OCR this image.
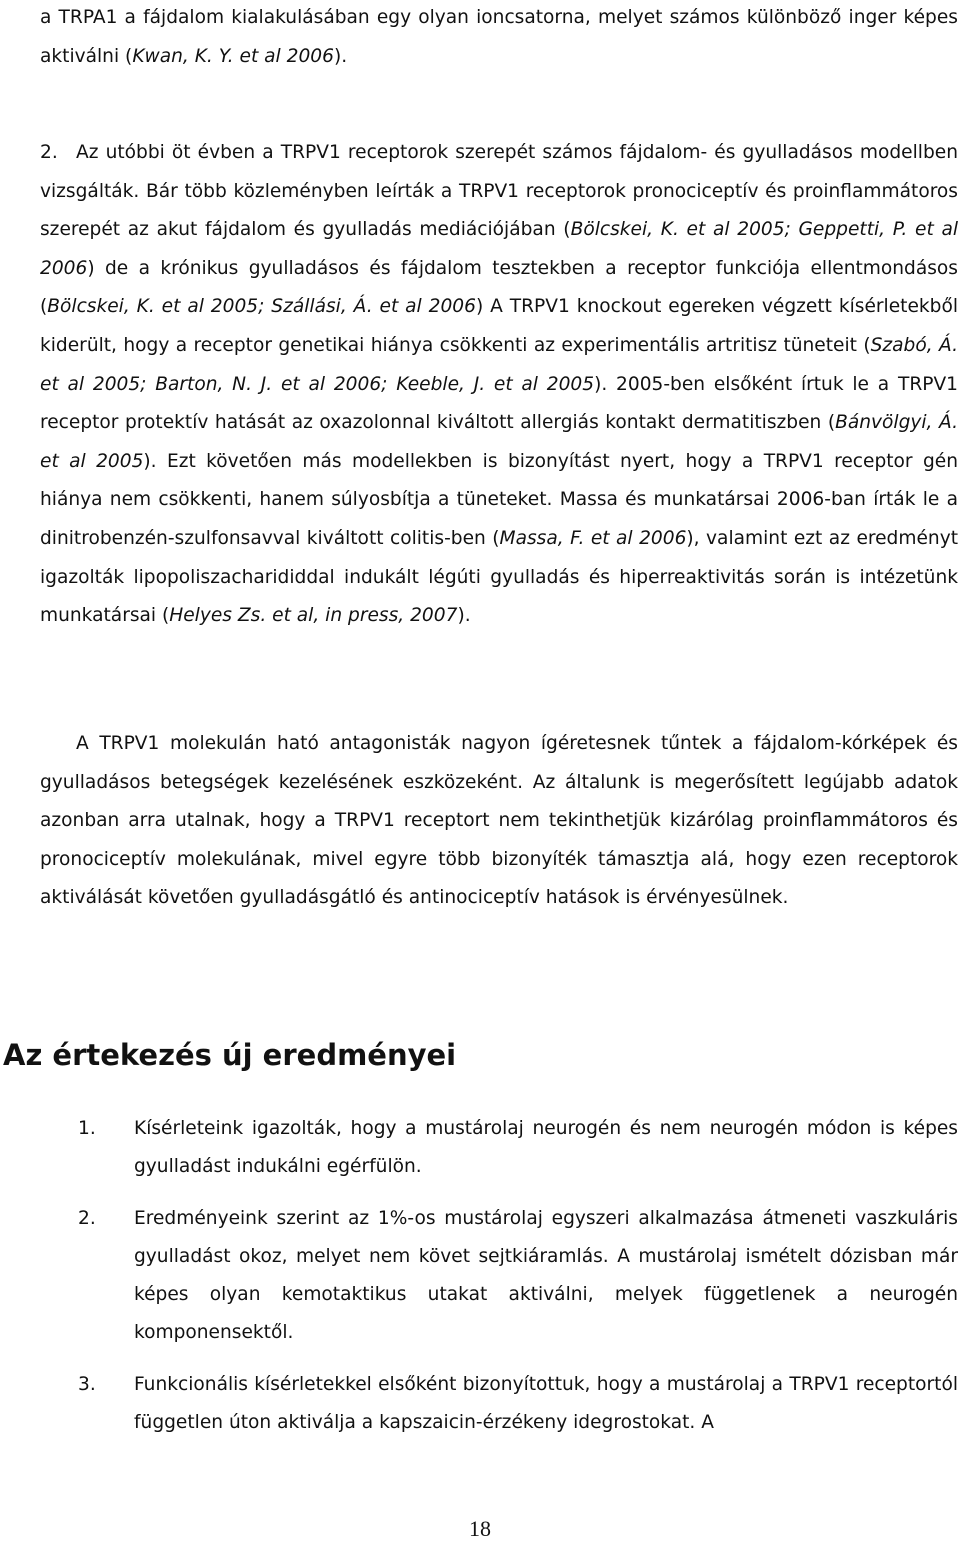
a TRPA1 a fájdalom kialakulásában egy olyan ioncsatorna, melyet számos különböző inger képes aktiválni (Kwan, K. Y. et al 2006).

2. Az utóbbi öt évben a TRPV1 receptorok szerepét számos fájdalom- és gyulladásos modellben vizsgálták. Bár több közleményben leírták a TRPV1 receptorok pronociceptív és proinflammátoros szerepét az akut fájdalom és gyulladás mediációjában (Bölcskei, K. et al 2005; Geppetti, P. et al 2006) de a krónikus gyulladásos és fájdalom tesztekben a receptor funkciója ellentmondásos (Bölcskei, K. et al 2005; Szállási, Á. et al 2006) A TRPV1 knockout egereken végzett kísérletekből kiderült, hogy a receptor genetikai hiánya csökkenti az experimentális artritisz tüneteit (Szabó, Á. et al 2005; Barton, N. J. et al 2006; Keeble, J. et al 2005). 2005-ben elsőként írtuk le a TRPV1 receptor protektív hatását az oxazolonnal kiváltott allergiás kontakt dermatitiszben (Bánvölgyi, Á. et al 2005). Ezt követően más modellekben is bizonyítást nyert, hogy a TRPV1 receptor gén hiánya nem csökkenti, hanem súlyosbítja a tüneteket. Massa és munkatársai 2006-ban írták le a dinitrobenzén-szulfonsavval kiváltott colitis-ben (Massa, F. et al 2006), valamint ezt az eredményt igazolták lipopoliszacharididdal indukált légúti gyulladás és hiperreaktivitás során is intézetünk munkatársai (Helyes Zs. et al, in press, 2007).

A TRPV1 molekulán ható antagonisták nagyon ígéretesnek tűntek a fájdalom-kórképek és gyulladásos betegségek kezelésének eszközeként. Az általunk is megerősített legújabb adatok azonban arra utalnak, hogy a TRPV1 receptort nem tekinthetjük kizárólag proinflammátoros és pronociceptív molekulának, mivel egyre több bizonyíték támasztja alá, hogy ezen receptorok aktiválását követően gyulladásgátló és antinociceptív hatások is érvényesülnek.

Az értekezés új eredményei
1. Kísérleteink igazolták, hogy a mustárolaj neurogén és nem neurogén módon is képes gyulladást indukálni egérfülön.
2. Eredményeink szerint az 1%-os mustárolaj egyszeri alkalmazása átmeneti vaszkuláris gyulladást okoz, melyet nem követ sejtkiáramlás. A mustárolaj ismételt dózisban már képes olyan kemotaktikus utakat aktiválni, melyek függetlenek a neurogén komponensektől.
3. Funkcionális kísérletekkel elsőként bizonyítottuk, hogy a mustárolaj a TRPV1 receptortól független úton aktiválja a kapszaicin-érzékeny idegrostokat. A
18
